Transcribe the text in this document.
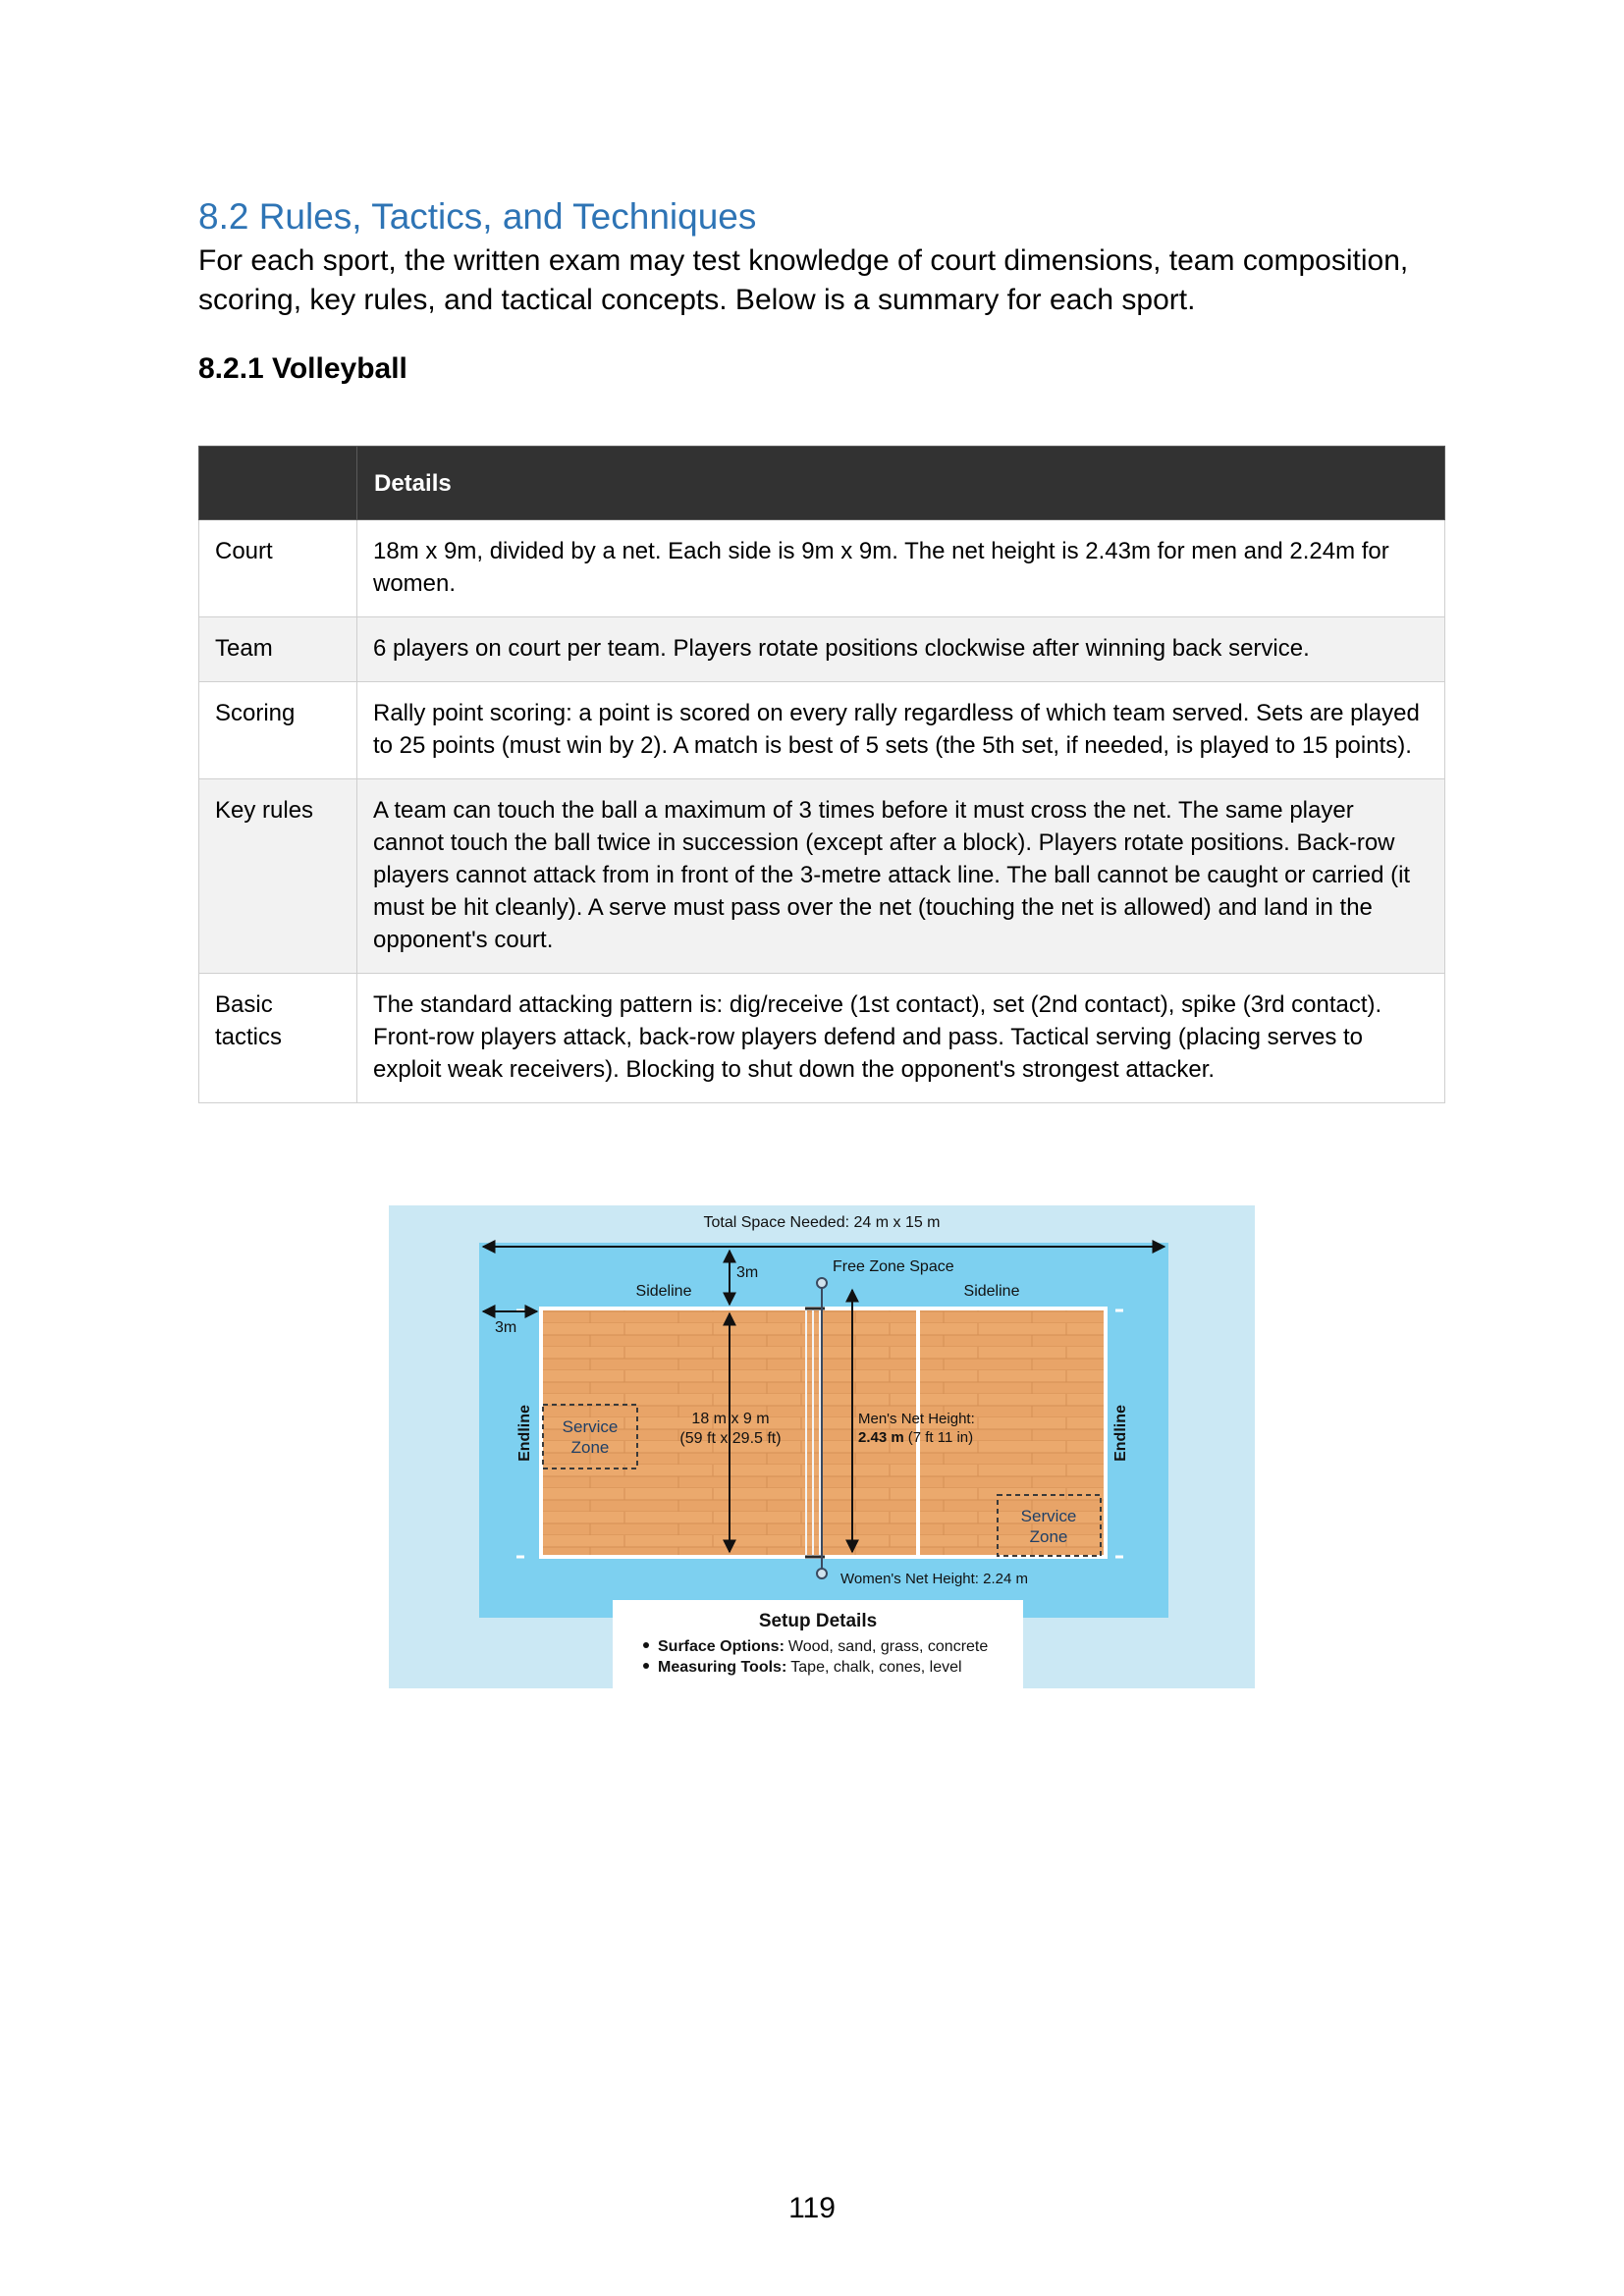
8.2 Rules, Tactics, and Techniques

For each sport, the written exam may test knowledge of court dimensions, team composition, scoring, key rules, and tactical concepts. Below is a summary for each sport.

8.2.1 Volleyball
	Details
Court	18m x 9m, divided by a net. Each side is 9m x 9m. The net height is 2.43m for men and 2.24m for women.
Team	6 players on court per team. Players rotate positions clockwise after winning back service.
Scoring	Rally point scoring: a point is scored on every rally regardless of which team served. Sets are played to 25 points (must win by 2). A match is best of 5 sets (the 5th set, if needed, is played to 15 points).
Key rules	A team can touch the ball a maximum of 3 times before it must cross the net. The same player cannot touch the ball twice in succession (except after a block). Players rotate positions. Back-row players cannot attack from in front of the 3-metre attack line. The ball cannot be caught or carried (it must be hit cleanly). A serve must pass over the net (touching the net is allowed) and land in the opponent's court.
Basic tactics	The standard attacking pattern is: dig/receive (1st contact), set (2nd contact), spike (3rd contact). Front-row players attack, back-row players defend and pass. Tactical serving (placing serves to exploit weak receivers). Blocking to shut down the opponent's strongest attacker.
Total Space Needed: 24 m x 15 m
3m	Free Zone Space
Sideline	Sideline
3m
Endline	Endline
Service
Zone
Service
Zone
18 m x 9 m
(59 ft x 29.5 ft)
Men's Net Height:
2.43 m (7 ft 11 in)
Women's Net Height: 2.24 m
Setup Details
Surface Options: Wood, sand, grass, concrete
Measuring Tools: Tape, chalk, cones, level
119
